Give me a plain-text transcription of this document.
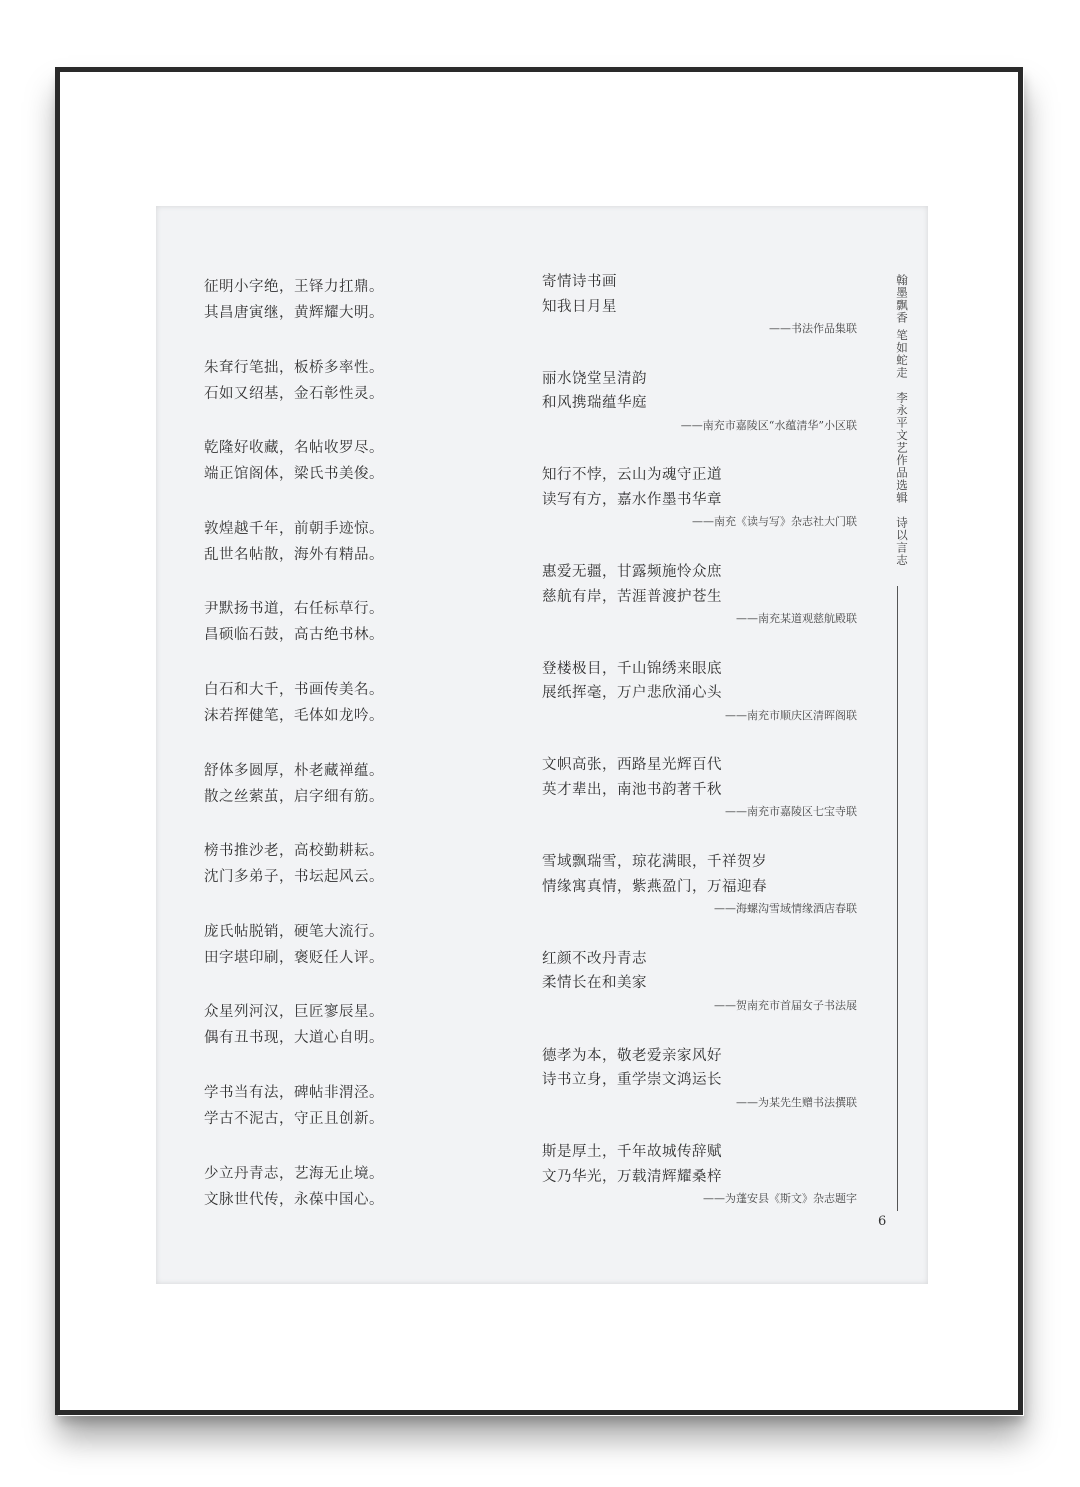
征明小字绝，王铎力扛鼎。
其昌唐寅继，黄辉耀大明。
朱耷行笔拙，板桥多率性。
石如又绍基，金石彰性灵。
乾隆好收藏，名帖收罗尽。
端正馆阁体，梁氏书美俊。
敦煌越千年，前朝手迹惊。
乱世名帖散，海外有精品。
尹默扬书道，右任标草行。
昌硕临石鼓，高古绝书林。
白石和大千，书画传美名。
沫若挥健笔，毛体如龙吟。
舒体多圆厚，朴老藏禅蕴。
散之丝萦茧，启字细有筋。
榜书推沙老，高校勤耕耘。
沈门多弟子，书坛起风云。
庞氏帖脱销，硬笔大流行。
田字堪印刷，褒贬任人评。
众星列河汉，巨匠寥辰星。
偶有丑书现，大道心自明。
学书当有法，碑帖非渭泾。
学古不泥古，守正且创新。
少立丹青志，艺海无止境。
文脉世代传，永葆中国心。
寄情诗书画
知我日月星
——书法作品集联
丽水饶堂呈清韵
和风携瑞蕴华庭
——南充市嘉陵区“水蕴清华”小区联
知行不悖，云山为魂守正道
读写有方，嘉水作墨书华章
——南充《读与写》杂志社大门联
惠爱无疆，甘露频施怜众庶
慈航有岸，苦涯普渡护苍生
——南充某道观慈航殿联
登楼极目，千山锦绣来眼底
展纸挥毫，万户悲欣涌心头
——南充市顺庆区清晖阁联
文帜高张，西路星光辉百代
英才辈出，南池书韵著千秋
——南充市嘉陵区七宝寺联
雪域飘瑞雪，琼花满眼，千祥贺岁
情缘寓真情，紫燕盈门，万福迎春
——海螺沟雪域情缘酒店春联
红颜不改丹青志
柔情长在和美家
——贺南充市首届女子书法展
德孝为本，敬老爱亲家风好
诗书立身，重学崇文鸿运长
——为某先生赠书法撰联
斯是厚土，千年故城传辞赋
文乃华光，万载清辉耀桑梓
——为蓬安县《斯文》杂志题字
翰墨飘香 笔如蛇走　李永平文艺作品选辑　诗以言志
6
